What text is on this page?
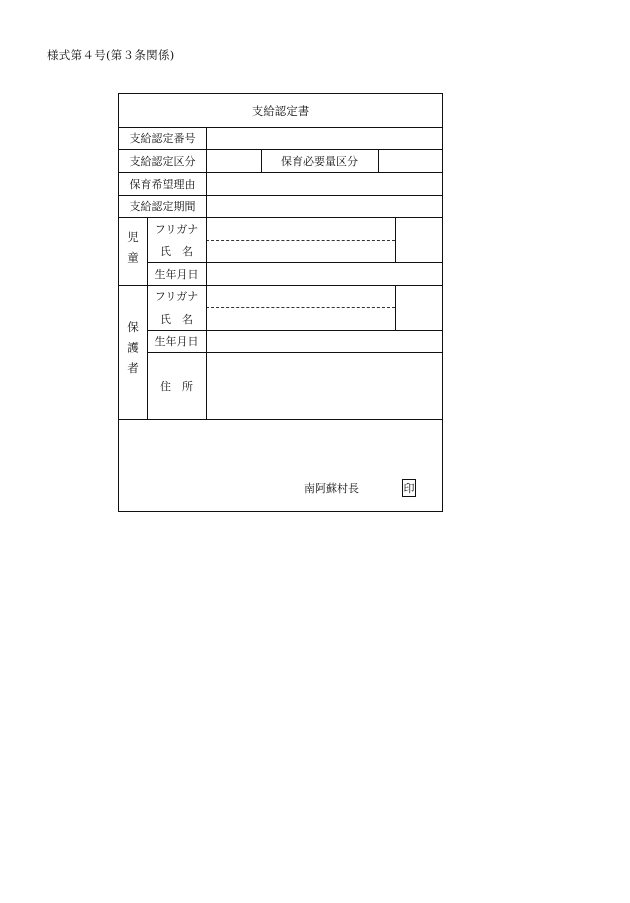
様式第４号(第３条関係)
支給認定書
支給認定番号
支給認定区分	保育必要量区分
保育希望理由
支給認定期間
児童
フリガナ
氏　名
生年月日
保護者
フリガナ
氏　名
生年月日
住　所
南阿蘇村長	印
